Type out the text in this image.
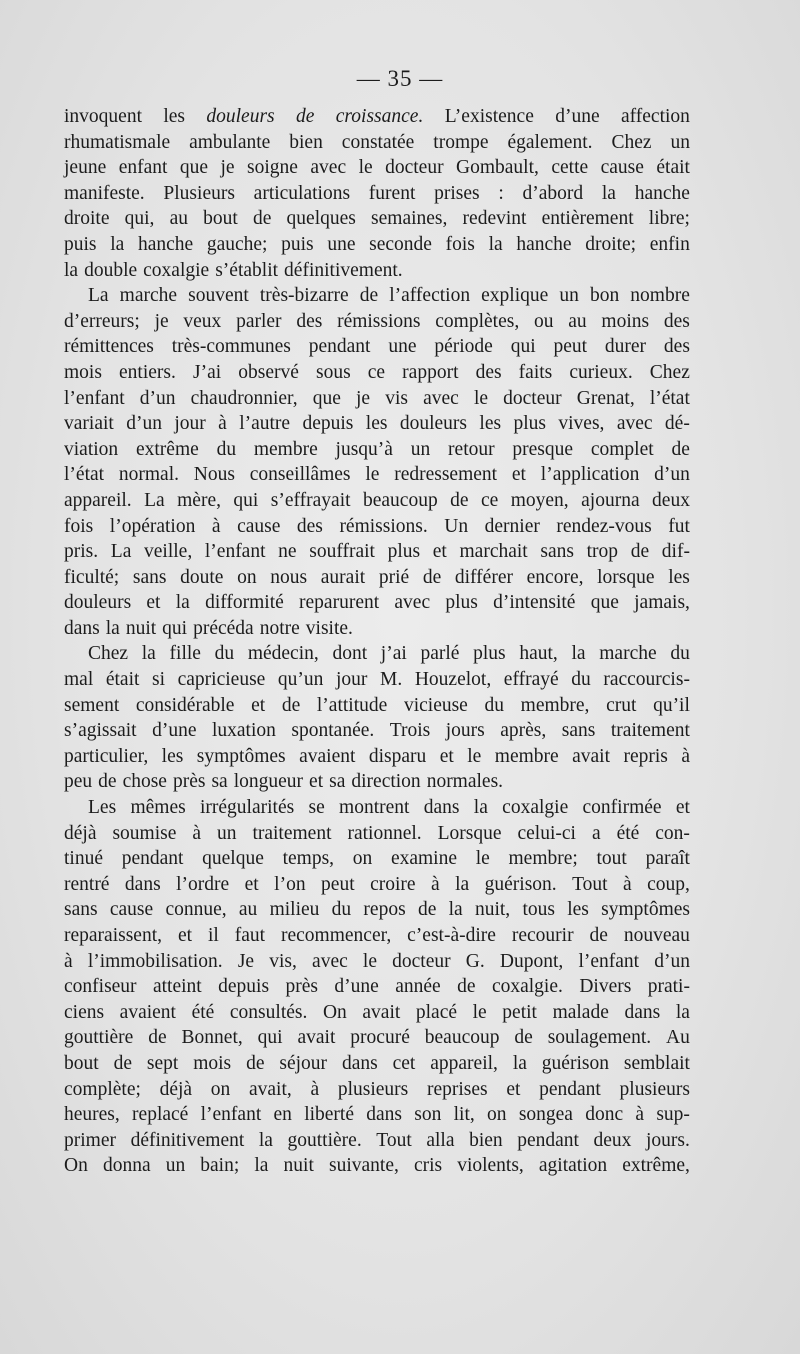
— 35 —
invoquent les douleurs de croissance. L’existence d’une affection
rhumatismale ambulante bien constatée trompe également. Chez un
jeune enfant que je soigne avec le docteur Gombault, cette cause était
manifeste. Plusieurs articulations furent prises : d’abord la hanche
droite qui, au bout de quelques semaines, redevint entièrement libre;
puis la hanche gauche; puis une seconde fois la hanche droite; enfin
la double coxalgie s’établit définitivement.
La marche souvent très-bizarre de l’affection explique un bon nombre
d’erreurs; je veux parler des rémissions complètes, ou au moins des
rémittences très-communes pendant une période qui peut durer des
mois entiers. J’ai observé sous ce rapport des faits curieux. Chez
l’enfant d’un chaudronnier, que je vis avec le docteur Grenat, l’état
variait d’un jour à l’autre depuis les douleurs les plus vives, avec dé-
viation extrême du membre jusqu’à un retour presque complet de
l’état normal. Nous conseillâmes le redressement et l’application d’un
appareil. La mère, qui s’effrayait beaucoup de ce moyen, ajourna deux
fois l’opération à cause des rémissions. Un dernier rendez-vous fut
pris. La veille, l’enfant ne souffrait plus et marchait sans trop de dif-
ficulté; sans doute on nous aurait prié de différer encore, lorsque les
douleurs et la difformité reparurent avec plus d’intensité que jamais,
dans la nuit qui précéda notre visite.
Chez la fille du médecin, dont j’ai parlé plus haut, la marche du
mal était si capricieuse qu’un jour M. Houzelot, effrayé du raccourcis-
sement considérable et de l’attitude vicieuse du membre, crut qu’il
s’agissait d’une luxation spontanée. Trois jours après, sans traitement
particulier, les symptômes avaient disparu et le membre avait repris à
peu de chose près sa longueur et sa direction normales.
Les mêmes irrégularités se montrent dans la coxalgie confirmée et
déjà soumise à un traitement rationnel. Lorsque celui-ci a été con-
tinué pendant quelque temps, on examine le membre; tout paraît
rentré dans l’ordre et l’on peut croire à la guérison. Tout à coup,
sans cause connue, au milieu du repos de la nuit, tous les symptômes
reparaissent, et il faut recommencer, c’est-à-dire recourir de nouveau
à l’immobilisation. Je vis, avec le docteur G. Dupont, l’enfant d’un
confiseur atteint depuis près d’une année de coxalgie. Divers prati-
ciens avaient été consultés. On avait placé le petit malade dans la
gouttière de Bonnet, qui avait procuré beaucoup de soulagement. Au
bout de sept mois de séjour dans cet appareil, la guérison semblait
complète; déjà on avait, à plusieurs reprises et pendant plusieurs
heures, replacé l’enfant en liberté dans son lit, on songea donc à sup-
primer définitivement la gouttière. Tout alla bien pendant deux jours.
On donna un bain; la nuit suivante, cris violents, agitation extrême,
